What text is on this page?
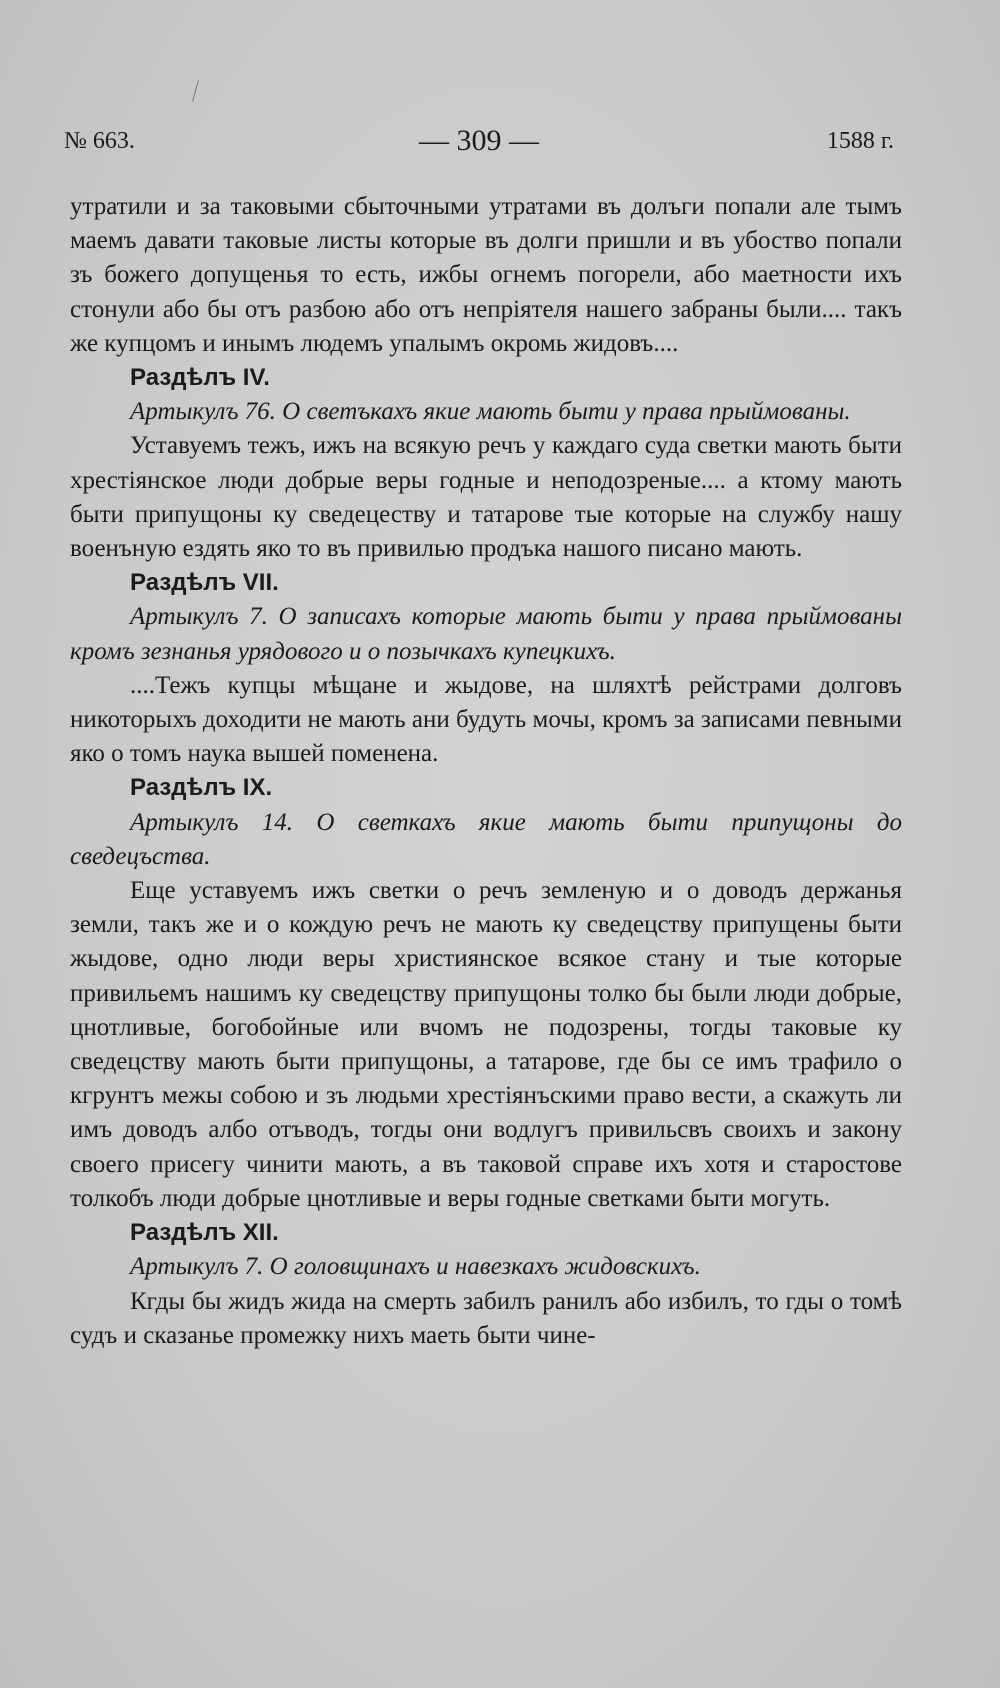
№ 663.	— 309 —	1588 г.

утратили и за таковыми сбыточными утратами въ долъги попали але тымъ маемъ давати таковые листы которые въ долги пришли и въ убоство попали зъ божего допущенья то есть, ижбы огнемъ погорели, або маетности ихъ стонули або бы отъ разбою або отъ непріятеля нашего забраны были.... такъ же купцомъ и инымъ людемъ упалымъ окромь жидовъ....

Раздѣлъ IV.

Артыкулъ 76. О светъкахъ якие мають быти у права прыймованы.

Уставуемъ тежъ, ижъ на всякую речъ у каждаго суда светки мають быти хрестіянское люди добрые веры годные и неподозреные.... а ктому мають быти припущоны ку сведецеству и татарове тые которые на службу нашу военъную ездять яко то въ привилью продъка нашого писано мають.

Раздѣлъ VII.

Артыкулъ 7. О записахъ которые мають быти у права прыймованы кромъ зезнанья урядового и о позычкахъ купецкихъ.

....Тежъ купцы мѣщане и жыдове, на шляхтѣ рейстрами долговъ никоторыхъ доходити не мають ани будуть мочы, кромъ за записами певными яко о томъ наука вышей поменена.

Раздѣлъ IX.

Артыкулъ 14. О светкахъ якие мають быти припущоны до сведецъства.

Еще уставуемъ ижъ светки о речъ земленую и о доводъ держанья земли, такъ же и о кождую речъ не мають ку сведецству припущены быти жыдове, одно люди веры християнское всякое стану и тые которые привильемъ нашимъ ку сведецству припущоны толко бы были люди добрые, цнотливые, богобойные или вчомъ не подозрены, тогды таковые ку сведецству мають быти припущоны, а татарове, где бы се имъ трафило о кгрунтъ межы собою и зъ людьми хрестіянъскими право вести, а скажуть ли имъ доводъ албо отъводъ, тогды они водлугъ привильсвъ своихъ и закону своего присегу чинити мають, а въ таковой справе ихъ хотя и старостове толкобъ люди добрые цнотливые и веры годные светками быти могуть.

Раздѣлъ XII.

Артыкулъ 7. О головщинахъ и навезкахъ жидовскихъ.

Кгды бы жидъ жида на смерть забилъ ранилъ або избилъ, то гды о томѣ судъ и сказанье промежку нихъ маеть быти чине-
